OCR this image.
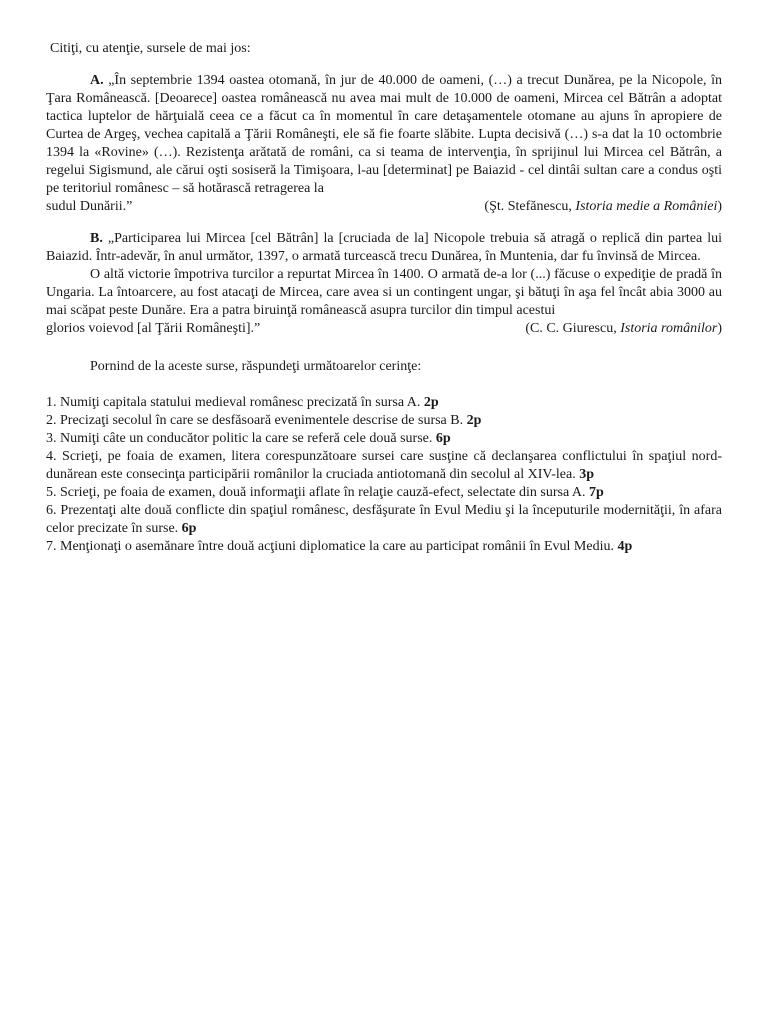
Citiţi, cu atenţie, sursele de mai jos:

A. „În septembrie 1394 oastea otomană, în jur de 40.000 de oameni, (…) a trecut Dunărea, pe la Nicopole, în Ţara Românească. [Deoarece] oastea românească nu avea mai mult de 10.000 de oameni, Mircea cel Bătrân a adoptat tactica luptelor de hărţuială ceea ce a făcut ca în momentul în care detaşamentele otomane au ajuns în apropiere de Curtea de Argeş, vechea capitală a Ţării Româneşti, ele să fie foarte slăbite. Lupta decisivă (…) s-a dat la 10 octombrie 1394 la «Rovine» (…). Rezistenţa arătată de români, ca si teama de intervenţia, în sprijinul lui Mircea cel Bătrân, a regelui Sigismund, ale cărui oşti sosiseră la Timişoara, l-au [determinat] pe Baiazid - cel dintâi sultan care a condus oşti pe teritoriul românesc – să hotărască retragerea la

sudul Dunării.”	(Şt. Stefănescu, Istoria medie a României)

B. „Participarea lui Mircea [cel Bătrân] la [cruciada de la] Nicopole trebuia să atragă o replică din partea lui Baiazid. Într-adevăr, în anul următor, 1397, o armată turcească trecu Dunărea, în Muntenia, dar fu învinsă de Mircea.

O altă victorie împotriva turcilor a repurtat Mircea în 1400. O armată de-a lor (...) făcuse o expediţie de pradă în Ungaria. La întoarcere, au fost atacaţi de Mircea, care avea si un contingent ungar, şi bătuţi în aşa fel încât abia 3000 au mai scăpat peste Dunăre. Era a patra biruinţă românească asupra turcilor din timpul acestui

glorios voievod [al Ţării Româneşti].”	(C. C. Giurescu, Istoria românilor)

Pornind de la aceste surse, răspundeţi următoarelor cerinţe:

1. Numiţi capitala statului medieval românesc precizată în sursa A. 2p

2. Precizaţi secolul în care se desfăsoară evenimentele descrise de sursa B. 2p

3. Numiţi câte un conducător politic la care se referă cele două surse. 6p

4. Scrieţi, pe foaia de examen, litera corespunzătoare sursei care susţine că declanşarea conflictului în spaţiul nord-dunărean este consecinţa participării românilor la cruciada antiotomană din secolul al XIV-lea. 3p

5. Scrieţi, pe foaia de examen, două informaţii aflate în relaţie cauză-efect, selectate din sursa A. 7p

6. Prezentaţi alte două conflicte din spaţiul românesc, desfăşurate în Evul Mediu şi la începuturile modernităţii, în afara celor precizate în surse. 6p

7. Menţionaţi o asemănare între două acţiuni diplomatice la care au participat românii în Evul Mediu. 4p
